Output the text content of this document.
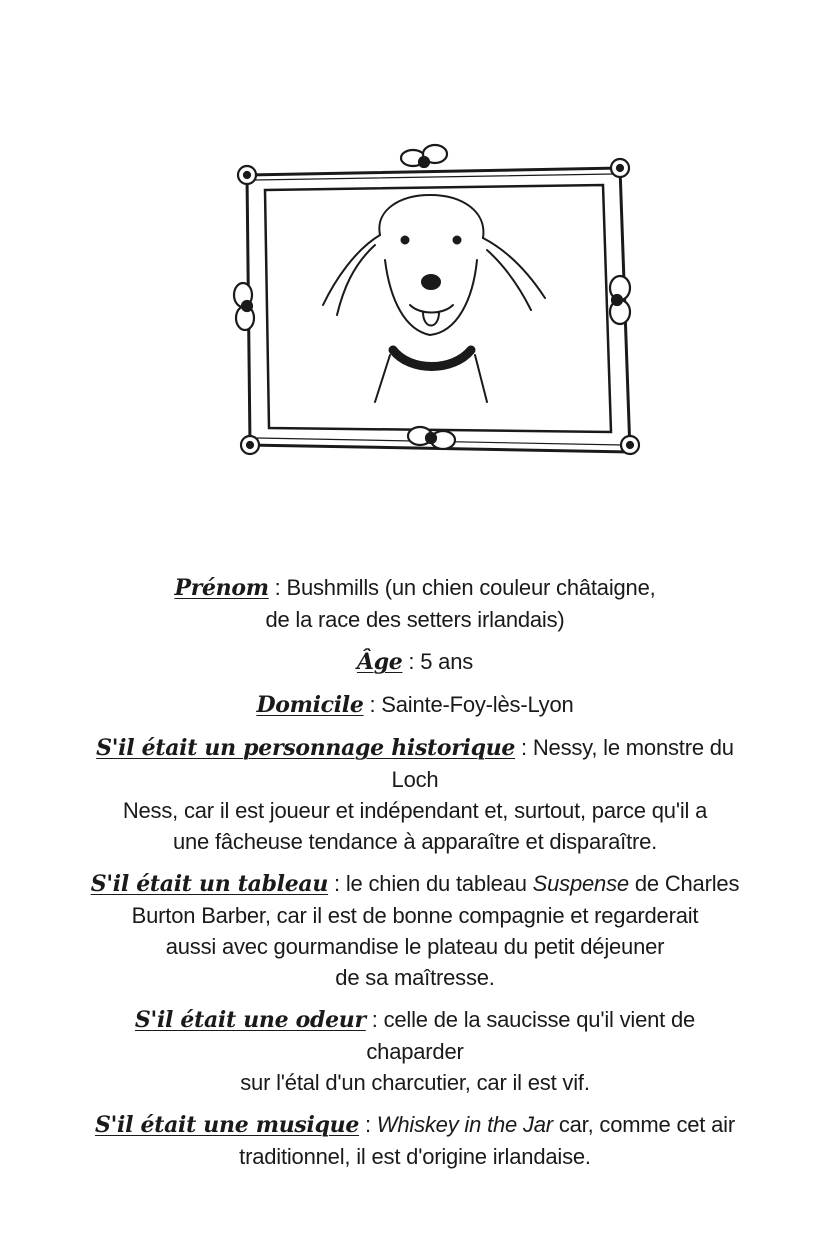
Prénom : Bushmills (un chien couleur châtaigne,
de la race des setters irlandais)

Âge : 5 ans

Domicile : Sainte-Foy-lès-Lyon

S'il était un personnage historique : Nessy, le monstre du Loch
Ness, car il est joueur et indépendant et, surtout, parce qu'il a
une fâcheuse tendance à apparaître et disparaître.

S'il était un tableau : le chien du tableau Suspense de Charles
Burton Barber, car il est de bonne compagnie et regarderait
aussi avec gourmandise le plateau du petit déjeuner
de sa maîtresse.

S'il était une odeur : celle de la saucisse qu'il vient de chaparder
sur l'étal d'un charcutier, car il est vif.

S'il était une musique : Whiskey in the Jar car, comme cet air
traditionnel, il est d'origine irlandaise.
